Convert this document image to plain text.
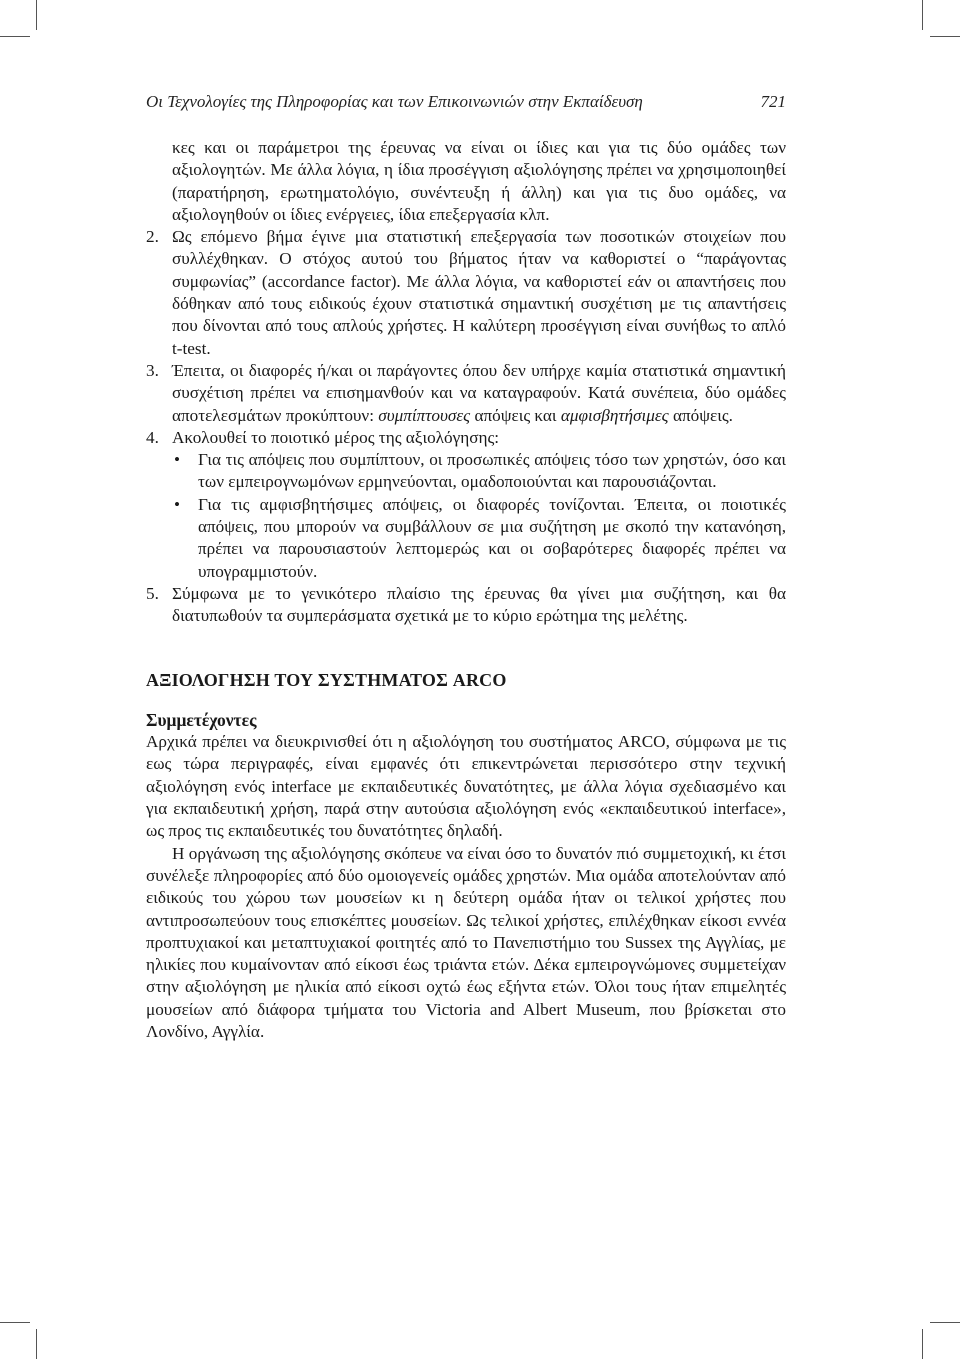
Οι Τεχνολογίες της Πληροφορίας και των Επικοινωνιών στην Εκπαίδευση	721
κες και οι παράμετροι της έρευνας να είναι οι ίδιες και για τις δύο ομάδες των αξιολογητών. Με άλλα λόγια, η ίδια προσέγγιση αξιολόγησης πρέπει να χρησιμοποιηθεί (παρατήρηση, ερωτηματολόγιο, συνέντευξη ή άλλη) και για τις δυο ομάδες, να αξιολογηθούν οι ίδιες ενέργειες, ίδια επεξεργασία κλπ.
2. Ως επόμενο βήμα έγινε μια στατιστική επεξεργασία των ποσοτικών στοιχείων που συλλέχθηκαν. Ο στόχος αυτού του βήματος ήταν να καθοριστεί ο “παράγοντας συμφωνίας” (accordance factor). Με άλλα λόγια, να καθοριστεί εάν οι απαντήσεις που δόθηκαν από τους ειδικούς έχουν στατιστικά σημαντική συσχέτιση με τις απαντήσεις που δίνονται από τους απλούς χρήστες. Η καλύτερη προσέγγιση είναι συνήθως το απλό t-test.
3. Έπειτα, οι διαφορές ή/και οι παράγοντες όπου δεν υπήρχε καμία στατιστικά σημαντική συσχέτιση πρέπει να επισημανθούν και να καταγραφούν. Κατά συνέπεια, δύο ομάδες αποτελεσμάτων προκύπτουν: συμπίπτουσες απόψεις και αμφισβητήσιμες απόψεις.
4. Ακολουθεί το ποιοτικό μέρος της αξιολόγησης:
• Για τις απόψεις που συμπίπτουν, οι προσωπικές απόψεις τόσο των χρηστών, όσο και των εμπειρογνωμόνων ερμηνεύονται, ομαδοποιούνται και παρουσιάζονται.
• Για τις αμφισβητήσιμες απόψεις, οι διαφορές τονίζονται. Έπειτα, οι ποιοτικές απόψεις, που μπορούν να συμβάλλουν σε μια συζήτηση με σκοπό την κατανόηση, πρέπει να παρουσιαστούν λεπτομερώς και οι σοβαρότερες διαφορές πρέπει να υπογραμμιστούν.
5. Σύμφωνα με το γενικότερο πλαίσιο της έρευνας θα γίνει μια συζήτηση, και θα διατυπωθούν τα συμπεράσματα σχετικά με το κύριο ερώτημα της μελέτης.
ΑΞΙΟΛΟΓΗΣΗ ΤΟΥ ΣΥΣΤΗΜΑΤΟΣ ARCO
Συμμετέχοντες

Αρχικά πρέπει να διευκρινισθεί ότι η αξιολόγηση του συστήματος ARCO, σύμφωνα με τις εως τώρα περιγραφές, είναι εμφανές ότι επικεντρώνεται περισσότερο στην τεχνική αξιολόγηση ενός interface με εκπαιδευτικές δυνατότητες, με άλλα λόγια σχεδιασμένο και για εκπαιδευτική χρήση, παρά στην αυτούσια αξιολόγηση ενός «εκπαιδευτικού interface», ως προς τις εκπαιδευτικές του δυνατότητες δηλαδή.

Η οργάνωση της αξιολόγησης σκόπευε να είναι όσο το δυνατόν πιό συμμετοχική, κι έτσι συνέλεξε πληροφορίες από δύο ομοιογενείς ομάδες χρηστών. Μια ομάδα αποτελούνταν από ειδικούς του χώρου των μουσείων κι η δεύτερη ομάδα ήταν οι τελικοί χρήστες που αντιπροσωπεύουν τους επισκέπτες μουσείων. Ως τελικοί χρήστες, επιλέχθηκαν είκοσι εννέα προπτυχιακοί και μεταπτυχιακοί φοιτητές από το Πανεπιστήμιο του Sussex της Αγγλίας, με ηλικίες που κυμαίνονταν από είκοσι έως τριάντα ετών. Δέκα εμπειρογνώμονες συμμετείχαν στην αξιολόγηση με ηλικία από είκοσι οχτώ έως εξήντα ετών. Όλοι τους ήταν επιμελητές μουσείων από διάφορα τμήματα του Victoria and Albert Museum, που βρίσκεται στο Λονδίνο, Αγγλία.
